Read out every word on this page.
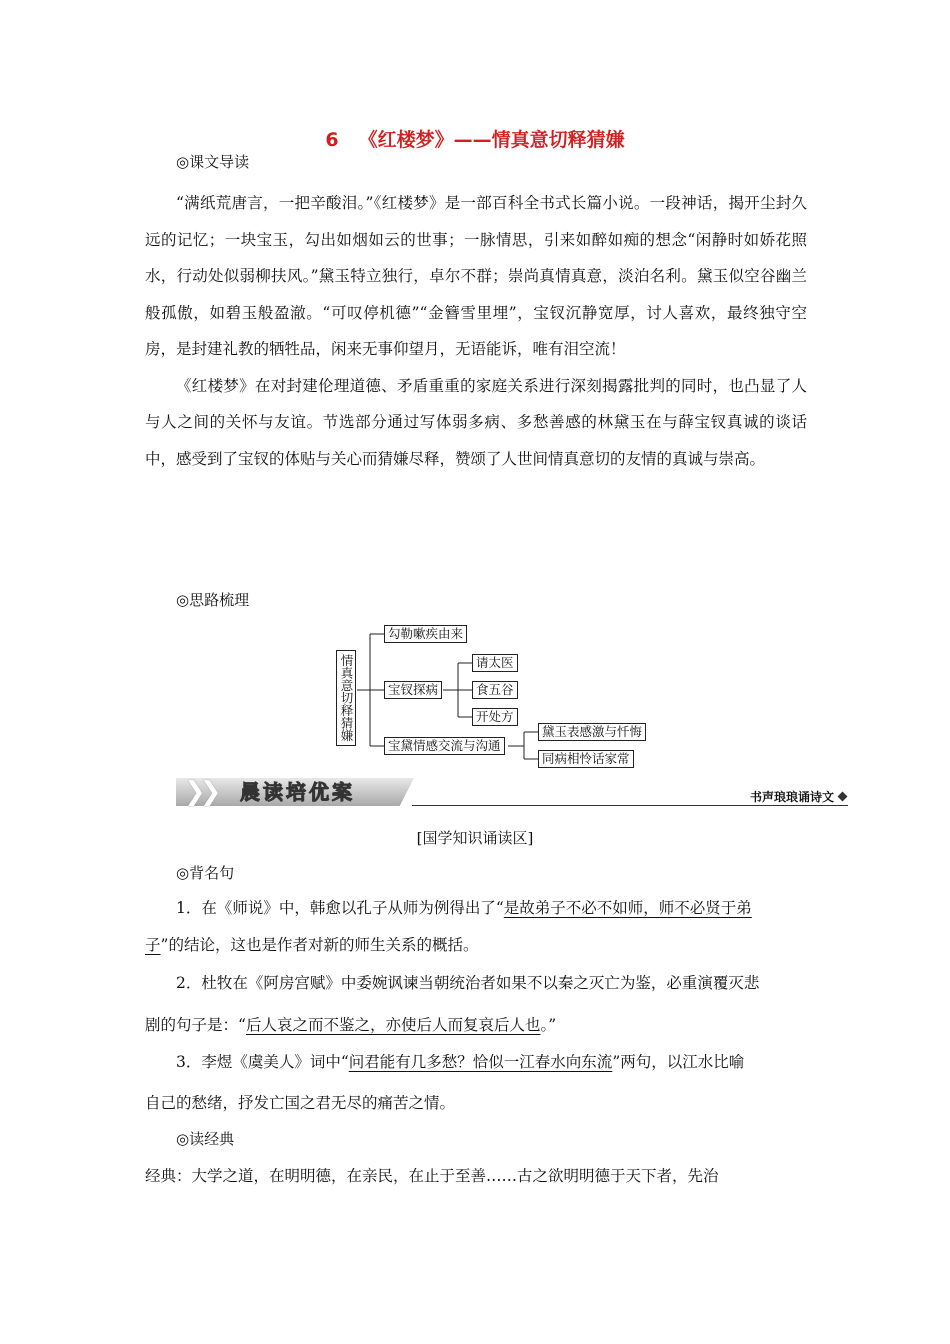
6 《红楼梦》——情真意切释猜嫌
◎课文导读

“满纸荒唐言，一把辛酸泪。”《红楼梦》是一部百科全书式长篇小说。一段神话，揭开尘封久远的记忆；一块宝玉，勾出如烟如云的世事；一脉情思，引来如醉如痴的想念“闲静时如娇花照水，行动处似弱柳扶风。”黛玉特立独行，卓尔不群；崇尚真情真意，淡泊名利。黛玉似空谷幽兰般孤傲，如碧玉般盈澈。“可叹停机德”“金簪雪里埋”，宝钗沉静宽厚，讨人喜欢，最终独守空房，是封建礼教的牺牲品，闲来无事仰望月，无语能诉，唯有泪空流！

《红楼梦》在对封建伦理道德、矛盾重重的家庭关系进行深刻揭露批判的同时，也凸显了人与人之间的关怀与友谊。节选部分通过写体弱多病、多愁善感的林黛玉在与薛宝钗真诚的谈话中，感受到了宝钗的体贴与关心而猜嫌尽释，赞颂了人世间情真意切的友情的真诚与崇高。

◎思路梳理
情真意切释猜嫌
勾勒嗽疾由来
宝钗探病
请太医
食五谷
开处方
宝黛情感交流与沟通
黛玉表感激与忏悔
同病相怜话家常
❯❯ 晨读培优案	书声琅琅诵诗文
[国学知识诵读区]
◎背名句
1．在《师说》中，韩愈以孔子从师为例得出了“是故弟子不必不如师，师不必贤于弟
子”的结论，这也是作者对新的师生关系的概括。
2．杜牧在《阿房宫赋》中委婉讽谏当朝统治者如果不以秦之灭亡为鉴，必重演覆灭悲
剧的句子是：“后人哀之而不鉴之，亦使后人而复哀后人也。”
3．李煜《虞美人》词中“问君能有几多愁？恰似一江春水向东流”两句，以江水比喻
自己的愁绪，抒发亡国之君无尽的痛苦之情。
◎读经典
经典：大学之道，在明明德，在亲民，在止于至善……古之欲明明德于天下者，先治
